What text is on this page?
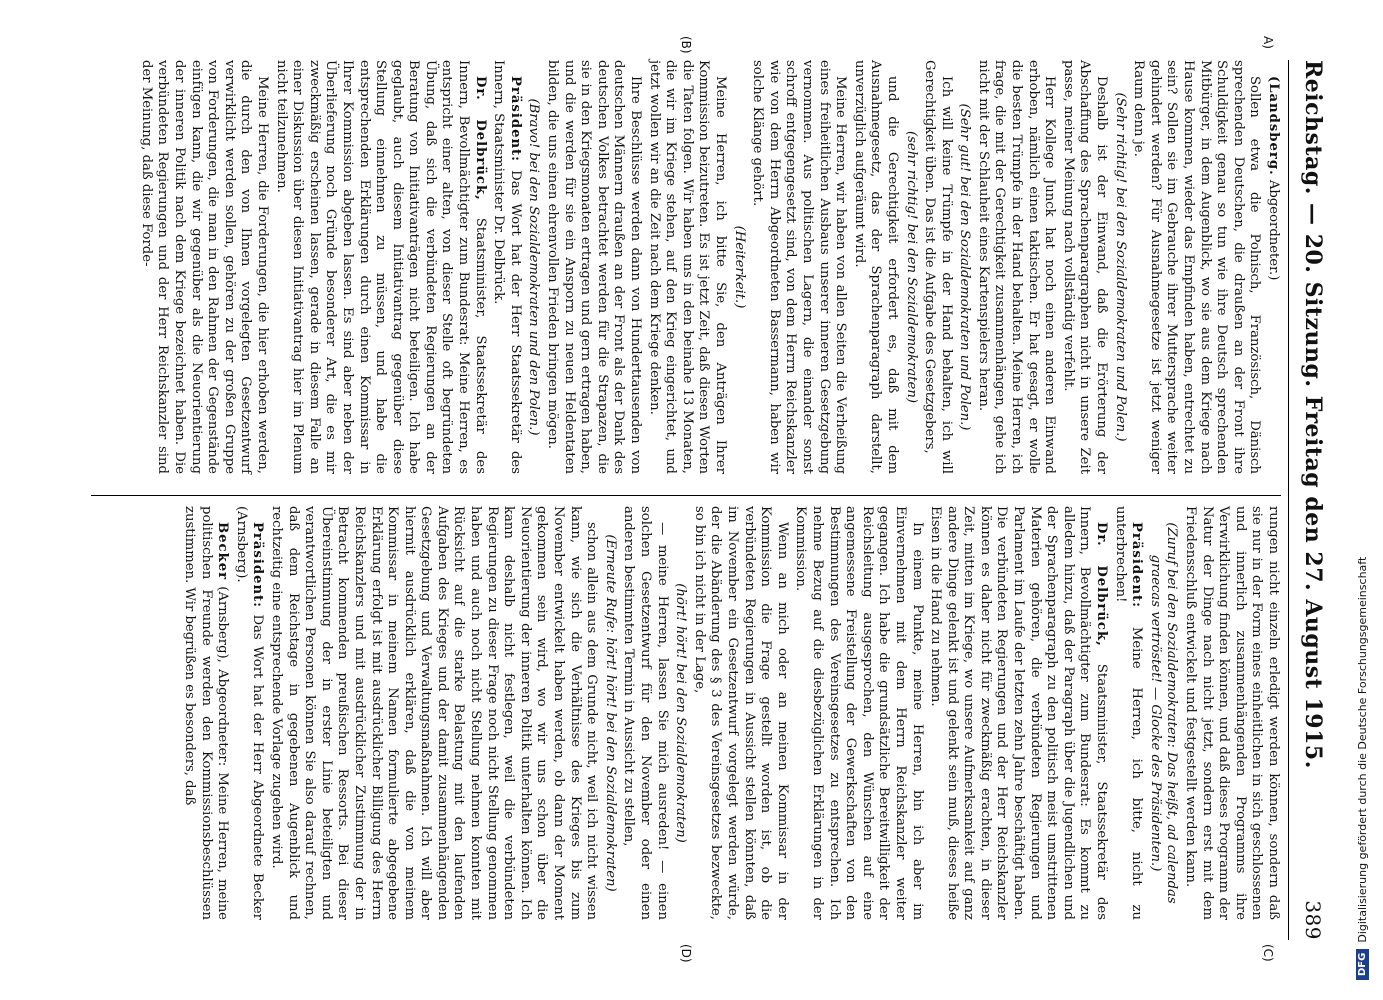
Reichstag. — 20. Sitzung. Freitag den 27. August 1915.
389
A)
(B)
(C)
(D)

(Landsberg. Abgeordneter.)

Sollen etwa die Polnisch, Französisch, Dänisch sprechenden Deutschen, die draußen an der Front ihre Schuldigkeit genau so tun wie ihre Deutsch sprechenden Mitbürger, in dem Augenblick, wo sie aus dem Kriege nach Hause kommen, wieder das Empfinden haben, entrechtet zu sein? Sollen sie im Gebrauche ihrer Muttersprache weiter gehindert werden? Für Ausnahmegesetze ist jetzt weniger Raum denn je.

(Sehr richtig! bei den Sozialdemokraten und Polen.)

Deshalb ist der Einwand, daß die Erörterung der Abschaffung des Sprachenparagraphen nicht in unsere Zeit passe, meiner Meinung nach vollständig verfehlt.

Herr Kollege Junck hat noch einen anderen Einwand erhoben, nämlich einen taktischen. Er hat gesagt, er wolle die besten Trümpfe in der Hand behalten. Meine Herren, ich frage, die mit der Gerechtigkeit zusammenhängen, gehe ich nicht mit der Schlauheit eines Kartenspielers heran.

(Sehr gut! bei den Sozialdemokraten und Polen.)

Ich will keine Trümpfe in der Hand behalten, ich will Gerechtigkeit üben. Das ist die Aufgabe des Gesetzgebers,

(sehr richtig! bei den Sozialdemokraten)

und die Gerechtigkeit erfordert es, daß mit dem Ausnahmegesetz, das der Sprachenparagraph darstellt, unverzüglich aufgeräumt wird.

Meine Herren, wir haben von allen Seiten die Verheißung eines freiheitlichen Ausbaus unserer inneren Gesetzgebung vernommen. Aus politischen Lagern, die einander sonst schroff entgegengesetzt sind, von dem Herrn Reichskanzler wie von dem Herrn Abgeordneten Bassermann, haben wir solche Klänge gehört.

(Heiterkeit.)

Meine Herren, ich bitte Sie, den Anträgen Ihrer Kommission beizutreten. Es ist jetzt Zeit, daß diesen Worten die Taten folgen. Wir haben uns in den beinahe 13 Monaten, die wir im Kriege stehen, auf den Krieg eingerichtet, und jetzt wollen wir an die Zeit nach dem Kriege denken.

Ihre Beschlüsse werden dann von Hunderttausenden von deutschen Männern draußen an der Front als der Dank des deutschen Volkes betrachtet werden für die Strapazen, die sie in den Kriegsmonaten ertragen und gern ertragen haben, und die werden für sie ein Ansporn zu neuen Heldentaten bilden, die uns einen ehrenvollen Frieden bringen mögen.

(Bravo! bei den Sozialdemokraten und den Polen.)

Präsident: Das Wort hat der Herr Staatssekretär des Innern, Staatsminister Dr. Delbrück.

Dr. Delbrück, Staatsminister, Staatssekretär des Innern, Bevollmächtigter zum Bundesrat: Meine Herren, es entspricht einer alten, von dieser Stelle oft begründeten Übung, daß sich die verbündeten Regierungen an der Beratung von Initiativanträgen nicht beteiligen. Ich habe geglaubt, auch diesem Initiativantrag gegenüber diese Stellung einnehmen zu müssen, und habe die entsprechenden Erklärungen durch einen Kommissar in Ihrer Kommission abgeben lassen. Es sind aber neben der Überlieferung noch Gründe besonderer Art, die es mir zweckmäßig erscheinen lassen, gerade in diesem Falle an einer Diskussion über diesen Initiativantrag hier im Plenum nicht teilzunehmen.

Meine Herren, die Forderungen, die hier erhoben werden, die durch den von Ihnen vorgelegten Gesetzentwurf verwirklicht werden sollen, gehören zu der großen Gruppe von Forderungen, die man in den Rahmen der Gegenstände einfügen kann, die wir gegenüber als die Neuorientierung der inneren Politik nach dem Kriege bezeichnet haben. Die verbündeten Regierungen und der Herr Reichskanzler sind der Meinung, daß diese Forde-

rungen nicht einzeln erledigt werden können, sondern daß sie nur in der Form eines einheitlichen in sich geschlossenen und innerlich zusammenhängenden Programms ihre Verwirklichung finden können, und daß dieses Programm der Natur der Dinge nach nicht jetzt, sondern erst mit dem Friedensschluß entwickelt und festgestellt werden kann.

(Zuruf bei den Sozialdemokraten: Das heißt, ad calendas graecas vertröstet! — Glocke des Präsidenten.)

Präsident: Meine Herren, ich bitte, nicht zu unterbrechen!

Dr. Delbrück, Staatsminister, Staatssekretär des Innern, Bevollmächtigter zum Bundesrat: Es kommt zu alledem hinzu, daß der Paragraph über die Jugendlichen und der Sprachenparagraph zu den politisch meist umstrittenen Materien gehören, die verbündeten Regierungen und Parlament im Laufe der letzten zehn Jahre beschäftigt haben. Die verbündeten Regierungen und der Herr Reichskanzler können es daher nicht für zweckmäßig erachten, in dieser Zeit, mitten im Kriege, wo unsere Aufmerksamkeit auf ganz andere Dinge gelenkt ist und gelenkt sein muß, dieses heiße Eisen in die Hand zu nehmen.

In einem Punkte, meine Herren, bin ich aber im Einvernehmen mit dem Herrn Reichskanzler weiter gegangen. Ich habe die grundsätzliche Bereitwilligkeit der Reichsleitung ausgesprochen, den Wünschen auf eine angemessene Freistellung der Gewerkschaften von den Bestimmungen des Vereinsgesetzes zu entsprechen. Ich nehme Bezug auf die diesbezüglichen Erklärungen in der Kommission.

Wenn an mich oder an meinen Kommissar in der Kommission die Frage gestellt worden ist, ob die verbündeten Regierungen in Aussicht stellen könnten, daß im November ein Gesetzentwurf vorgelegt werden würde, der die Abänderung des § 3 des Vereinsgesetzes bezweckte, so bin ich nicht in der Lage,

(hört! hört! bei den Sozialdemokraten)

— meine Herren, lassen Sie mich ausreden! — einen solchen Gesetzentwurf für den November oder einen anderen bestimmten Termin in Aussicht zu stellen,

(Erneute Rufe: hört! hört! bei den Sozialdemokraten)

schon allein aus dem Grunde nicht, weil ich nicht wissen kann, wie sich die Verhältnisse des Krieges bis zum November entwickelt haben werden, ob dann der Moment gekommen sein wird, wo wir uns schon über die Neuorientierung der inneren Politik unterhalten können. Ich kann deshalb nicht festlegen, weil die verbündeten Regierungen zu dieser Frage noch nicht Stellung genommen haben und auch noch nicht Stellung nehmen konnten mit Rücksicht auf die starke Belastung mit den laufenden Aufgaben des Krieges und der damit zusammenhängenden Gesetzgebung und Verwaltungsmaßnahmen. Ich will aber hiermit ausdrücklich erklären, daß die von meinem Kommissar in meinem Namen formulierte abgegebene Erklärung erfolgt ist mit ausdrücklicher Billigung des Herrn Reichskanzlers und mit ausdrücklicher Zustimmung der in Betracht kommenden preußischen Ressorts. Bei dieser Übereinstimmung der in erster Linie beteiligten und verantwortlichen Personen können Sie also darauf rechnen, daß dem Reichstage in gegebenen Augenblick und rechtzeitig eine entsprechende Vorlage zugehen wird.

Präsident: Das Wort hat der Herr Abgeordnete Becker (Arnsberg).

Becker (Arnsberg), Abgeordneter: Meine Herren, meine politischen Freunde werden den Kommissionsbeschlüssen zustimmen. Wir begrüßen es besonders, daß

DFG
Digitalisierung gefördert durch die Deutsche Forschungsgemeinschaft
